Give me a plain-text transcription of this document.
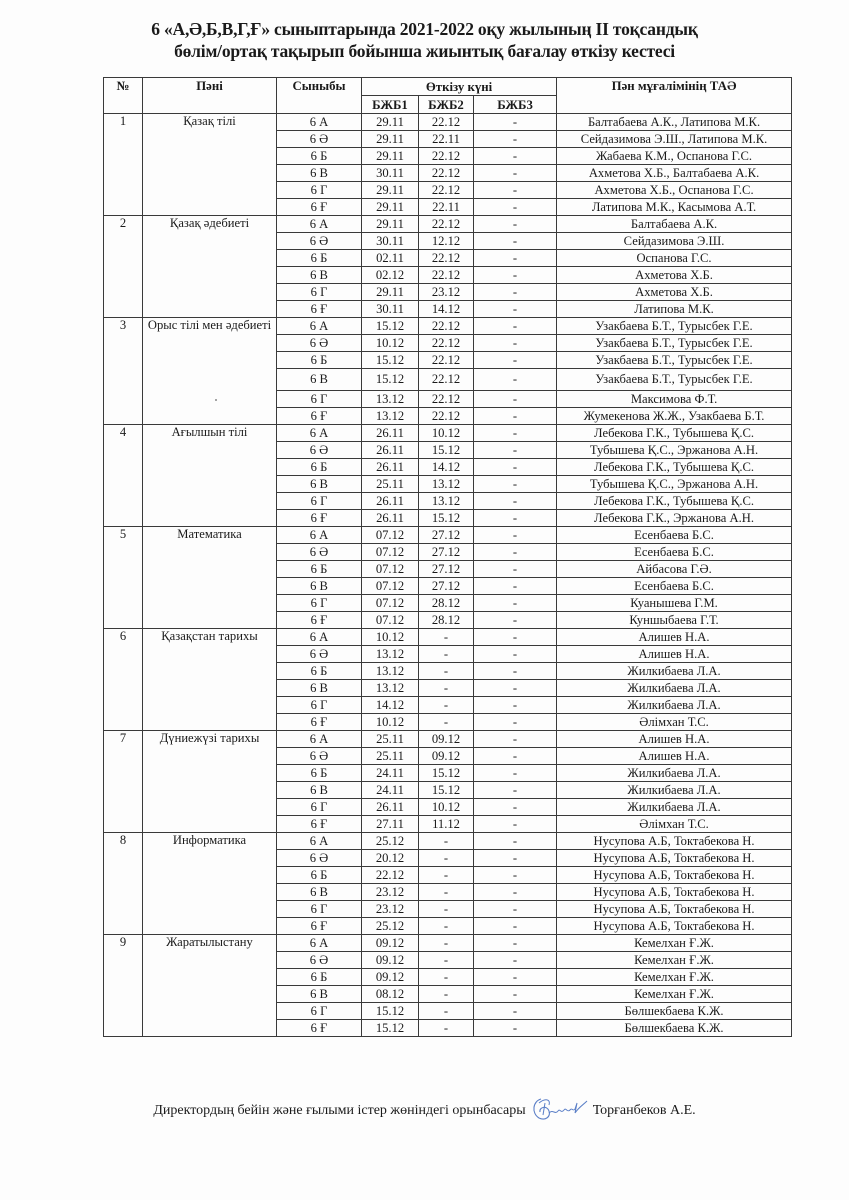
6 «А,Ә,Б,В,Г,Ғ» сыныптарында 2021-2022 оқу жылының ІІ тоқсандық
бөлім/ортақ тақырып бойынша жиынтық бағалау өткізу кестесі
№	Пәні	Сыныбы	Өткізу күні			Пән мұғалімінің ТАӘ
			БЖБ1	БЖБ2	БЖБ3	
1	Қазақ тілі	6 А	29.11	22.12	-	Балтабаева А.К., Латипова М.К.
		6 Ә	29.11	22.11	-	Сейдазимова Э.Ш., Латипова М.К.
		6 Б	29.11	22.12	-	Жабаева К.М., Оспанова Г.С.
		6 В	30.11	22.12	-	Ахметова Х.Б., Балтабаева А.К.
		6 Г	29.11	22.12	-	Ахметова Х.Б., Оспанова Г.С.
		6 Ғ	29.11	22.11	-	Латипова М.К., Касымова А.Т.
2	Қазақ әдебиеті	6 А	29.11	22.12	-	Балтабаева А.К.
		6 Ә	30.11	12.12	-	Сейдазимова Э.Ш.
		6 Б	02.11	22.12	-	Оспанова Г.С.
		6 В	02.12	22.12	-	Ахметова Х.Б.
		6 Г	29.11	23.12	-	Ахметова Х.Б.
		6 Ғ	30.11	14.12	-	Латипова М.К.
3	Орыс тілі мен әдебиеті	6 А	15.12	22.12	-	Узакбаева Б.Т., Турысбек Г.Е.
		6 Ә	10.12	22.12	-	Узакбаева Б.Т., Турысбек Г.Е.
		6 Б	15.12	22.12	-	Узакбаева Б.Т., Турысбек Г.Е.
		6 В	15.12	22.12	-	Узакбаева Б.Т., Турысбек Г.Е.
		6 Г	13.12	22.12	-	Максимова Ф.Т.
		6 Ғ	13.12	22.12	-	Жумекенова Ж.Ж., Узакбаева Б.Т.
4	Ағылшын тілі	6 А	26.11	10.12	-	Лебекова Г.К., Тубышева Қ.С.
		6 Ә	26.11	15.12	-	Тубышева Қ.С., Эржанова А.Н.
		6 Б	26.11	14.12	-	Лебекова Г.К., Тубышева Қ.С.
		6 В	25.11	13.12	-	Тубышева Қ.С., Эржанова А.Н.
		6 Г	26.11	13.12	-	Лебекова Г.К., Тубышева Қ.С.
		6 Ғ	26.11	15.12	-	Лебекова Г.К., Эржанова А.Н.
5	Математика	6 А	07.12	27.12	-	Есенбаева Б.С.
		6 Ә	07.12	27.12	-	Есенбаева Б.С.
		6 Б	07.12	27.12	-	Айбасова Г.Ә.
		6 В	07.12	27.12	-	Есенбаева Б.С.
		6 Г	07.12	28.12	-	Куанышева Г.М.
		6 Ғ	07.12	28.12	-	Куншыбаева Г.Т.
6	Қазақстан тарихы	6 А	10.12	-	-	Алишев Н.А.
		6 Ә	13.12	-	-	Алишев Н.А.
		6 Б	13.12	-	-	Жилкибаева Л.А.
		6 В	13.12	-	-	Жилкибаева Л.А.
		6 Г	14.12	-	-	Жилкибаева Л.А.
		6 Ғ	10.12	-	-	Әлімхан Т.С.
7	Дүниежүзі тарихы	6 А	25.11	09.12	-	Алишев Н.А.
		6 Ә	25.11	09.12	-	Алишев Н.А.
		6 Б	24.11	15.12	-	Жилкибаева Л.А.
		6 В	24.11	15.12	-	Жилкибаева Л.А.
		6 Г	26.11	10.12	-	Жилкибаева Л.А.
		6 Ғ	27.11	11.12	-	Әлімхан Т.С.
8	Информатика	6 А	25.12	-	-	Нусупова А.Б, Токтабекова Н.
		6 Ә	20.12	-	-	Нусупова А.Б, Токтабекова Н.
		6 Б	22.12	-	-	Нусупова А.Б, Токтабекова Н.
		6 В	23.12	-	-	Нусупова А.Б, Токтабекова Н.
		6 Г	23.12	-	-	Нусупова А.Б, Токтабекова Н.
		6 Ғ	25.12	-	-	Нусупова А.Б, Токтабекова Н.
9	Жаратылыстану	6 А	09.12	-	-	Кемелхан Ғ.Ж.
		6 Ә	09.12	-	-	Кемелхан Ғ.Ж.
		6 Б	09.12	-	-	Кемелхан Ғ.Ж.
		6 В	08.12	-	-	Кемелхан Ғ.Ж.
		6 Г	15.12	-	-	Бөлшекбаева К.Ж.
		6 Ғ	15.12	-	-	Бөлшекбаева К.Ж.
Директордың бейін және ғылыми істер жөніндегі орынбасары	Торғанбеков А.Е.
